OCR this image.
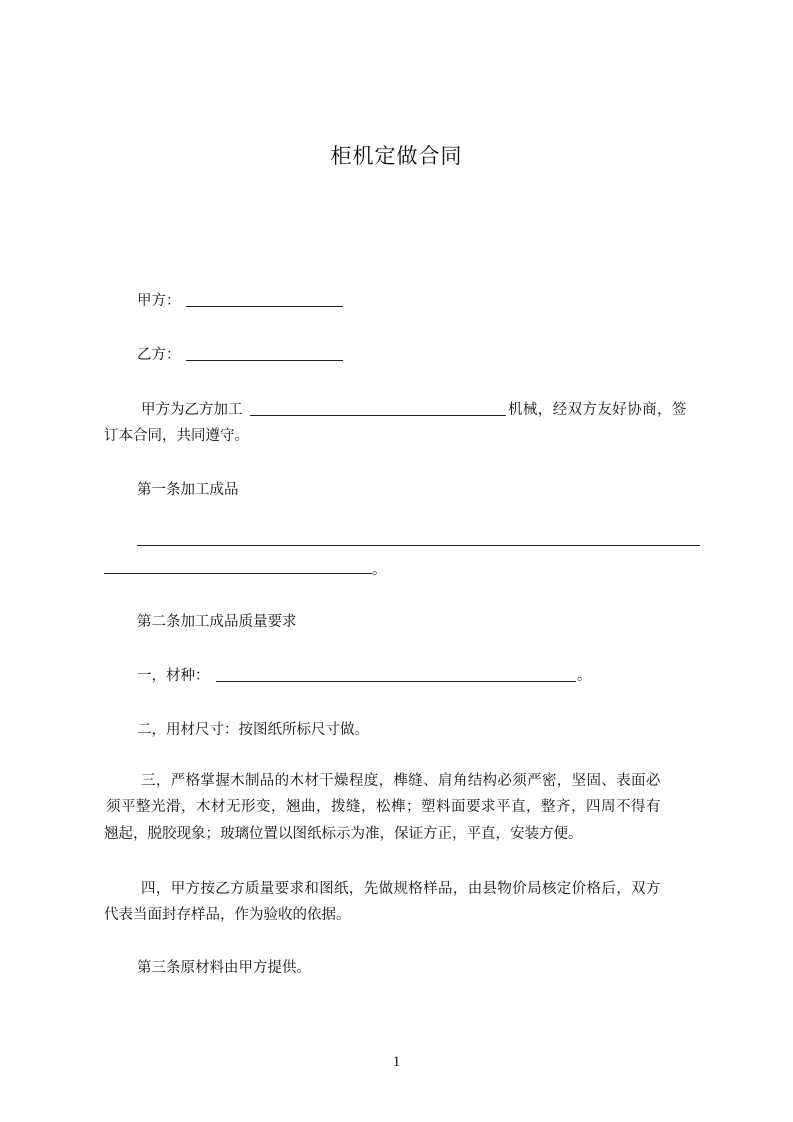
柜机定做合同
甲方：
乙方：
甲方为乙方加工	机械，经双方友好协商，签
订本合同，共同遵守。
第一条加工成品
。
第二条加工成品质量要求
一，材种：	。
二，用材尺寸：按图纸所标尺寸做。
三，严格掌握木制品的木材干燥程度，榫缝、肩角结构必须严密，坚固、表面必
须平整光滑，木材无形变，翘曲，拨缝，松榫；塑料面要求平直，整齐，四周不得有
翘起，脱胶现象；玻璃位置以图纸标示为准，保证方正，平直，安装方便。
四，甲方按乙方质量要求和图纸，先做规格样品，由县物价局核定价格后，双方
代表当面封存样品，作为验收的依据。
第三条原材料由甲方提供。
1
